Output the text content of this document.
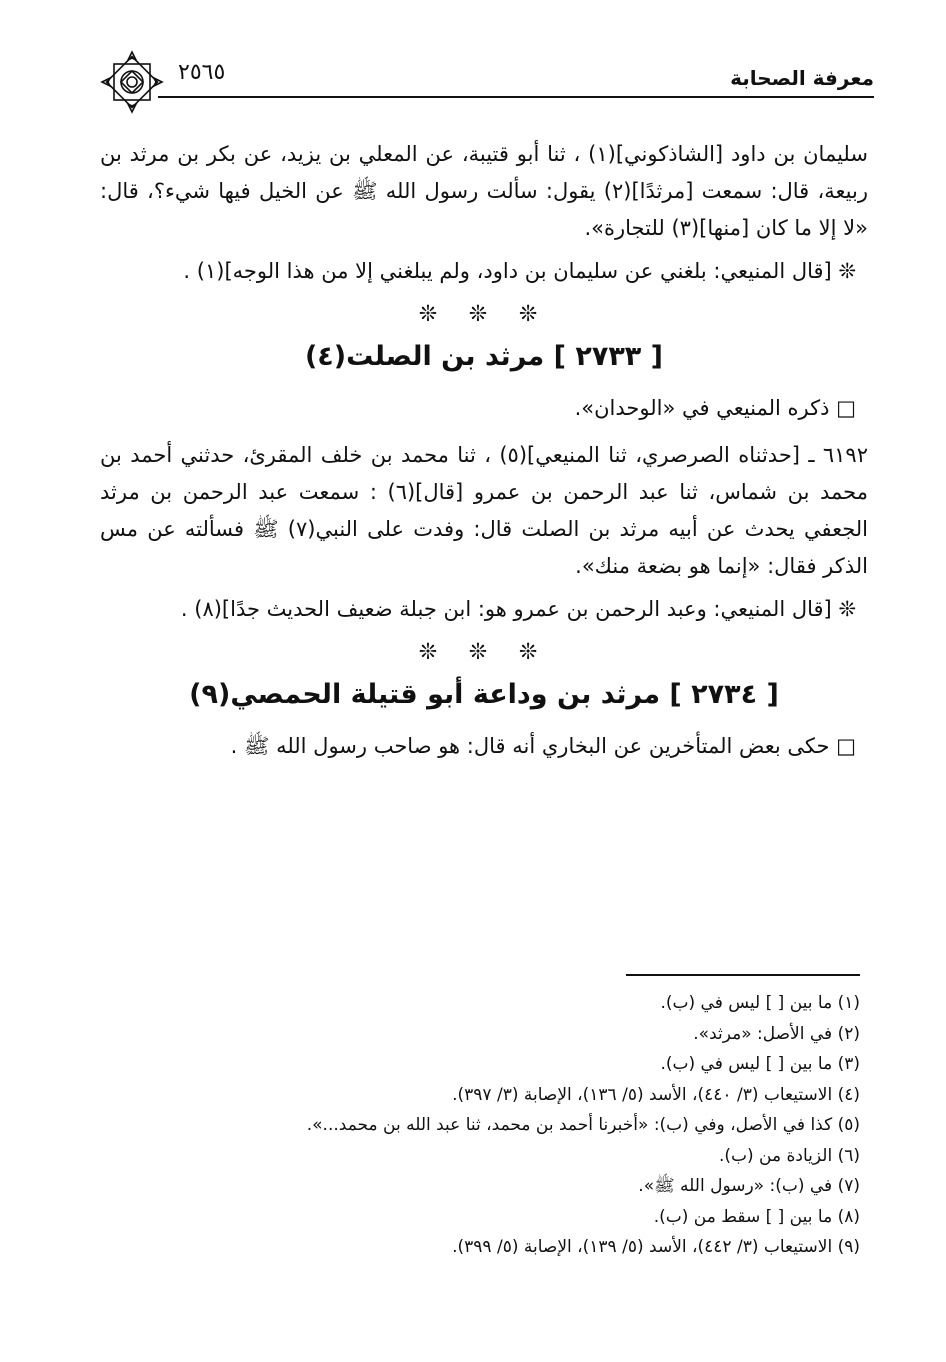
٢٥٦٥	معرفة الصحابة

سليمان بن داود [الشاذكوني](١) ، ثنا أبو قتيبة، عن المعلي بن يزيد، عن بكر بن مرثد بن ربيعة، قال: سمعت [مرثدًا](٢) يقول: سألت رسول الله ﷺ عن الخيل فيها شيء؟، قال: «لا إلا ما كان [منها](٣) للتجارة».

❊ [قال المنيعي: بلغني عن سليمان بن داود، ولم يبلغني إلا من هذا الوجه](١) .

❊ ❊ ❊

[ ٢٧٣٣ ] مرثد بن الصلت(٤)

□ ذكره المنيعي في «الوحدان».

٦١٩٢ ـ [حدثناه الصرصري، ثنا المنيعي](٥) ، ثنا محمد بن خلف المقرئ، حدثني أحمد بن محمد بن شماس، ثنا عبد الرحمن بن عمرو [قال](٦) : سمعت عبد الرحمن بن مرثد الجعفي يحدث عن أبيه مرثد بن الصلت قال: وفدت على النبي(٧) ﷺ فسألته عن مس الذكر فقال: «إنما هو بضعة منك».

❊ [قال المنيعي: وعبد الرحمن بن عمرو هو: ابن جبلة ضعيف الحديث جدًا](٨) .

❊ ❊ ❊

[ ٢٧٣٤ ] مرثد بن وداعة أبو قتيلة الحمصي(٩)

□ حكى بعض المتأخرين عن البخاري أنه قال: هو صاحب رسول الله ﷺ .

(١) ما بين [ ] ليس في (ب).

(٢) في الأصل: «مرثد».

(٣) ما بين [ ] ليس في (ب).

(٤) الاستيعاب (٣/ ٤٤٠)، الأسد (٥/ ١٣٦)، الإصابة (٣/ ٣٩٧).

(٥) كذا في الأصل، وفي (ب): «أخبرنا أحمد بن محمد، ثنا عبد الله بن محمد...».

(٦) الزيادة من (ب).

(٧) في (ب): «رسول الله ﷺ».

(٨) ما بين [ ] سقط من (ب).

(٩) الاستيعاب (٣/ ٤٤٢)، الأسد (٥/ ١٣٩)، الإصابة (٥/ ٣٩٩).
